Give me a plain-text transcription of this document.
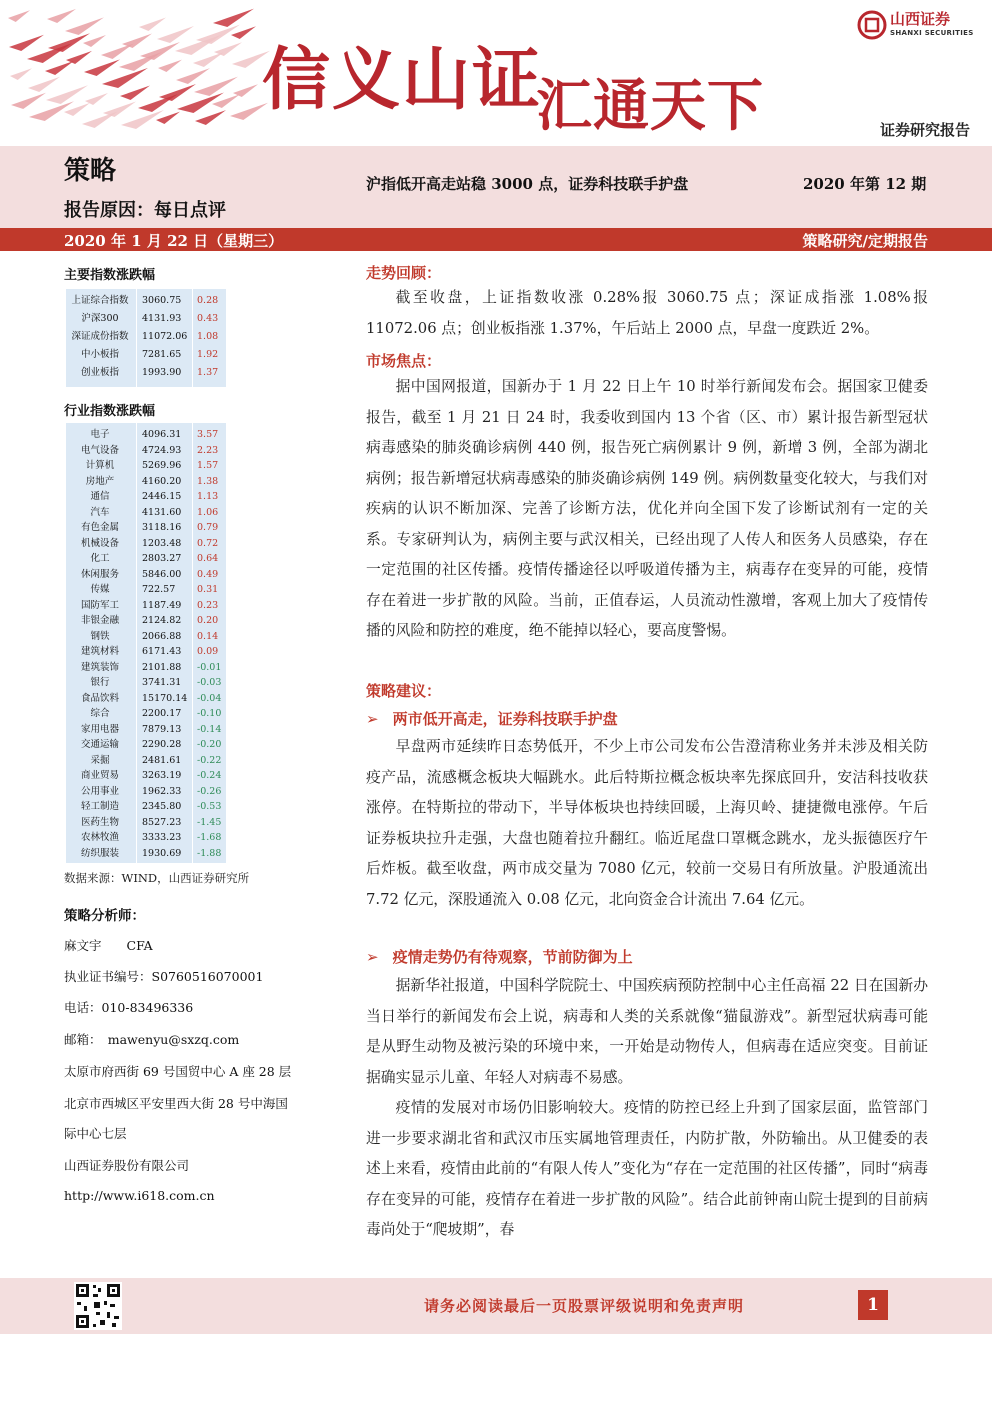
信义山证
汇通天下
山西证券
SHANXI SECURITIES
证券研究报告
策略	沪指低开高走站稳 3000 点，证券科技联手护盘	2020 年第 12 期
报告原因：每日点评
2020 年 1 月 22 日（星期三）	策略研究/定期报告
主要指数涨跌幅
上证综合指数	3060.75 0.28
沪深300	4131.93 0.43
深证成份指数	11072.06 1.08
中小板指	7281.65 1.92
创业板指	1993.90 1.37
行业指数涨跌幅
电子	4096.31 3.57
电气设备	4724.93 2.23
计算机	5269.96 1.57
房地产	4160.20 1.38
通信	2446.15 1.13
汽车	4131.60 1.06
有色金属	3118.16 0.79
机械设备	1203.48 0.72
化工	2803.27 0.64
休闲服务	5846.00 0.49
传媒	722.57 0.31
国防军工	1187.49 0.23
非银金融	2124.82 0.20
钢铁	2066.88 0.14
建筑材料	6171.43 0.09
建筑装饰	2101.88 -0.01
银行	3741.31 -0.03
食品饮料	15170.14 -0.04
综合	2200.17 -0.10
家用电器	7879.13 -0.14
交通运输	2290.28 -0.20
采掘	2481.61 -0.22
商业贸易	3263.19 -0.24
公用事业	1962.33 -0.26
轻工制造	2345.80 -0.53
医药生物	8527.23 -1.45
农林牧渔	3333.23 -1.68
纺织服装	1930.69 -1.88
数据来源：WIND，山西证券研究所
策略分析师：
麻文宇　　CFA
执业证书编号：S0760516070001
电话：010-83496336
邮箱：　mawenyu@sxzq.com
太原市府西街 69 号国贸中心 A 座 28 层
北京市西城区平安里西大街 28 号中海国
际中心七层
山西证券股份有限公司
http://www.i618.com.cn
走势回顾：

截至收盘，上证指数收涨 0.28%报 3060.75 点；深证成指涨 1.08%报 11072.06 点；创业板指涨 1.37%，午后站上 2000 点，早盘一度跌近 2%。

市场焦点：

据中国网报道，国新办于 1 月 22 日上午 10 时举行新闻发布会。据国家卫健委报告，截至 1 月 21 日 24 时，我委收到国内 13 个省（区、市）累计报告新型冠状病毒感染的肺炎确诊病例 440 例，报告死亡病例累计 9 例，新增 3 例，全部为湖北病例；报告新增冠状病毒感染的肺炎确诊病例 149 例。病例数量变化较大，与我们对疾病的认识不断加深、完善了诊断方法，优化并向全国下发了诊断试剂有一定的关系。专家研判认为，病例主要与武汉相关，已经出现了人传人和医务人员感染，存在一定范围的社区传播。疫情传播途径以呼吸道传播为主，病毒存在变异的可能，疫情存在着进一步扩散的风险。当前，正值春运，人员流动性激增，客观上加大了疫情传播的风险和防控的难度，绝不能掉以轻心，要高度警惕。

策略建议：
➢ 两市低开高走，证券科技联手护盘

早盘两市延续昨日态势低开，不少上市公司发布公告澄清称业务并未涉及相关防疫产品，流感概念板块大幅跳水。此后特斯拉概念板块率先探底回升，安洁科技收获涨停。在特斯拉的带动下，半导体板块也持续回暖，上海贝岭、捷捷微电涨停。午后证券板块拉升走强，大盘也随着拉升翻红。临近尾盘口罩概念跳水，龙头振德医疗午后炸板。截至收盘，两市成交量为 7080 亿元，较前一交易日有所放量。沪股通流出 7.72 亿元，深股通流入 0.08 亿元，北向资金合计流出 7.64 亿元。

➢ 疫情走势仍有待观察，节前防御为上

据新华社报道，中国科学院院士、中国疾病预防控制中心主任高福 22 日在国新办当日举行的新闻发布会上说，病毒和人类的关系就像“猫鼠游戏”。新型冠状病毒可能是从野生动物及被污染的环境中来，一开始是动物传人，但病毒在适应突变。目前证据确实显示儿童、年轻人对病毒不易感。

疫情的发展对市场仍旧影响较大。疫情的防控已经上升到了国家层面，监管部门进一步要求湖北省和武汉市压实属地管理责任，内防扩散，外防输出。从卫健委的表述上来看，疫情由此前的“有限人传人”变化为“存在一定范围的社区传播”，同时“病毒存在变异的可能，疫情存在着进一步扩散的风险”。结合此前钟南山院士提到的目前病毒尚处于“爬坡期”，春

请务必阅读最后一页股票评级说明和免责声明	1
